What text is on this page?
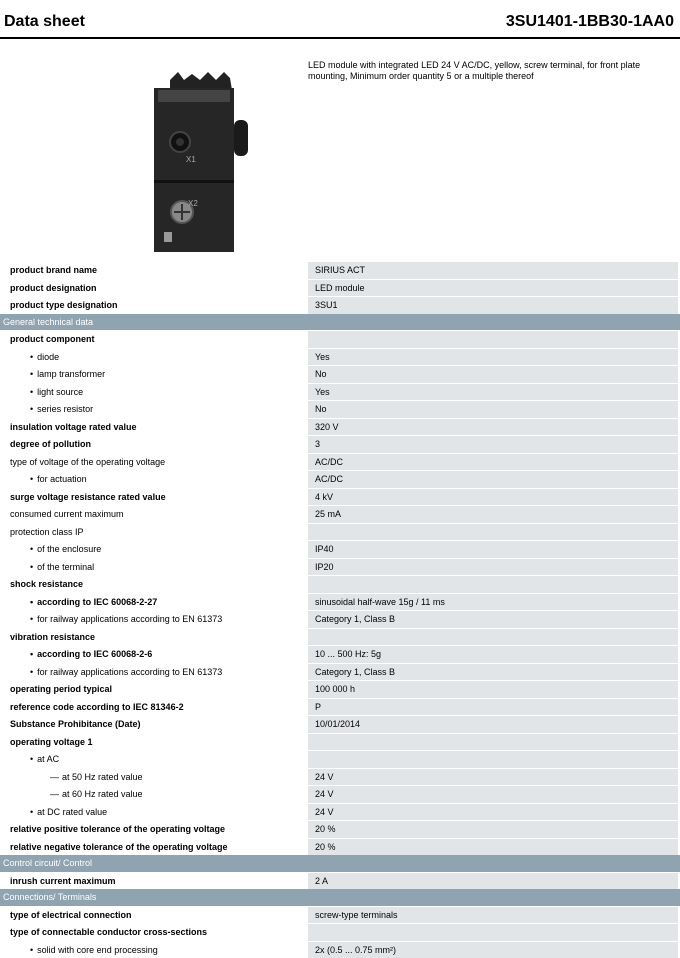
Data sheet	3SU1401-1BB30-1AA0
X1
X2
LED module with integrated LED 24 V AC/DC, yellow, screw terminal, for front plate mounting, Minimum order quantity 5 or a multiple thereof
product brand name	SIRIUS ACT
product designation	LED module
product type designation	3SU1
General technical data
product component
• diode	Yes
• lamp transformer	No
• light source	Yes
• series resistor	No
insulation voltage rated value	320 V
degree of pollution	3
type of voltage of the operating voltage	AC/DC
• for actuation	AC/DC
surge voltage resistance rated value	4 kV
consumed current maximum	25 mA
protection class IP
• of the enclosure	IP40
• of the terminal	IP20
shock resistance
• according to IEC 60068-2-27	sinusoidal half-wave 15g / 11 ms
• for railway applications according to EN 61373	Category 1, Class B
vibration resistance
• according to IEC 60068-2-6	10 ... 500 Hz: 5g
• for railway applications according to EN 61373	Category 1, Class B
operating period typical	100 000 h
reference code according to IEC 81346-2	P
Substance Prohibitance (Date)	10/01/2014
operating voltage 1
• at AC
— at 50 Hz rated value	24 V
— at 60 Hz rated value	24 V
• at DC rated value	24 V
relative positive tolerance of the operating voltage	20 %
relative negative tolerance of the operating voltage	20 %
Control circuit/ Control
inrush current maximum	2 A
Connections/ Terminals
type of electrical connection	screw-type terminals
type of connectable conductor cross-sections
• solid with core end processing	2x (0.5 ... 0.75 mm²)
